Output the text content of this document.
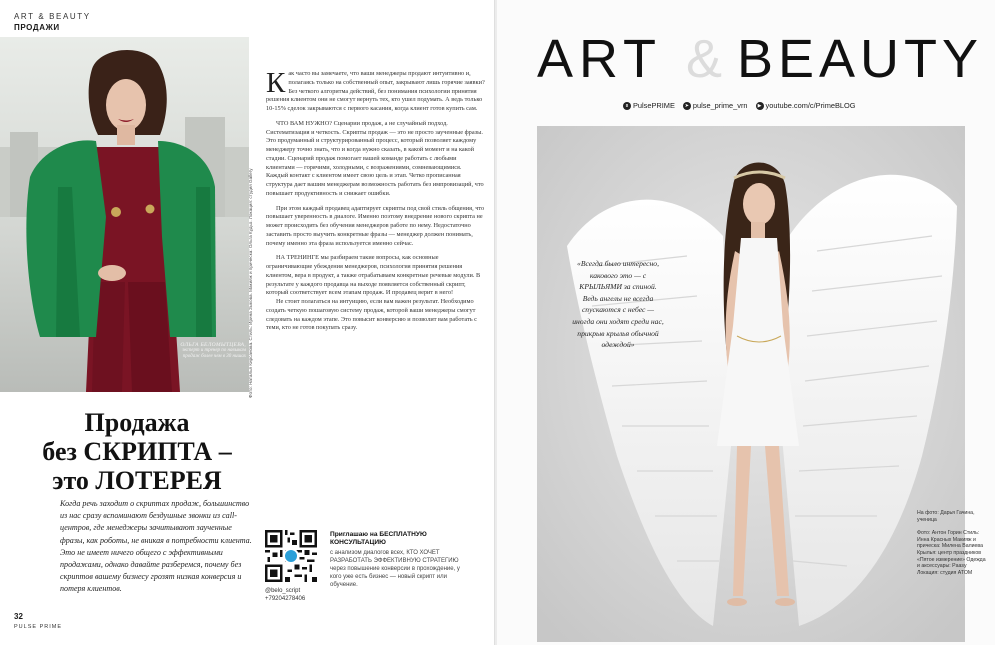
ART & BEAUTY
ПРОДАЖИ
ОЛЬГА БЕЛОМЫТЦЕВА,
эксперт и тренер по навыкам продаж более чем в 30 нишах Фото: Наталья Кирсанова. Стиль: Ирина Зыкова. Макияж и прическа: Ольга Кудьо. Локация: студия Gallery
Продажа
без СКРИПТА –
это ЛОТЕРЕЯ

Когда речь заходит о скриптах продаж, большинство из нас сразу вспоминают бездушные звонки из call-центров, где менеджеры зачитывают заученные фразы, как роботы, не вникая в потребности клиента. Это не имеет ничего общего с эффективными продажами, однако давайте разберемся, почему без скриптов вашему бизнесу грозят низкая конверсия и потеря клиентов.

Как часто вы замечаете, что ваши менеджеры продают интуитивно и, полагаясь только на собственный опыт, закрывают лишь горячие заявки? Без четкого алгоритма действий, без понимания психологии принятия решения клиентом они не смогут вернуть тех, кто ушел подумать. А ведь только 10-15% сделок закрываются с первого касания, когда клиент готов купить сам.

ЧТО ВАМ НУЖНО? Сценарии продаж, а не случайный подход. Систематизация и четкость. Скрипты продаж — это не просто заученные фразы. Это продуманный и структурированный процесс, который позволяет каждому менеджеру точно знать, что и когда нужно сказать, в какой момент и на какой стадии. Сценарий продаж помогает вашей команде работать с любыми клиентами — горячими, холодными, с возражениями, сомневающимися. Каждый контакт с клиентом имеет свою цель и этап. Четко прописанная структура дает вашим менеджерам возможность работать без импровизаций, что повышает продуктивность и снижает ошибки.

При этом каждый продавец адаптирует скрипты под свой стиль общения, что повышает уверенность в диалоге. Именно поэтому внедрение нового скрипта не может происходить без обучения менеджеров работе по нему. Недостаточно заставить просто выучить конкретные фразы — менеджер должен понимать, почему именно эта фраза используется именно сейчас.

НА ТРЕНИНГЕ мы разбираем такие вопросы, как основные ограничивающие убеждения менеджеров, психология принятия решения клиентом, вера в продукт, а также отрабатываем конкретные речевые модули. В результате у каждого продавца на выходе появляется собственный скрипт, который соответствует всем этапам продаж. И продавец верит в него!

Не стоит полагаться на интуицию, если вам важен результат. Необходимо создать четкую пошаговую систему продаж, которой ваши менеджеры смогут следовать на каждом этапе. Это повысит конверсию и позволит вам работать с теми, кто не готов покупать сразу.

@belo_script
+79204278406
Приглашаю на БЕСПЛАТНУЮ КОНСУЛЬТАЦИЮ
с анализом диалогов всех, КТО ХОЧЕТ РАЗРАБОТАТЬ ЭФФЕКТИВНУЮ СТРАТЕГИЮ через повышение конверсии в прохождение, у кого уже есть бизнес — новый скрипт или обучение.
32
PULSE PRIME
ART & BEAUTY
в PulsePRIME	➤ pulse_prime_vrn	▶ youtube.com/c/PrimeBLOG

«Всегда было интересно, какового это — с КРЫЛЬЯМИ за спиной. Ведь ангелы не всегда спускаются с небес — иногда они ходят среди нас, прикрыв крылья обычной одеждой»

На фото: Дарья Гачина, ученица
Фото: Антон Горин Стиль: Инна Красных Макияж и прическа: Милена Валиева Крылья: центр праздников «Пятое измерение» Одежда и аксессуары: Paasy Локация: студия ATOM
